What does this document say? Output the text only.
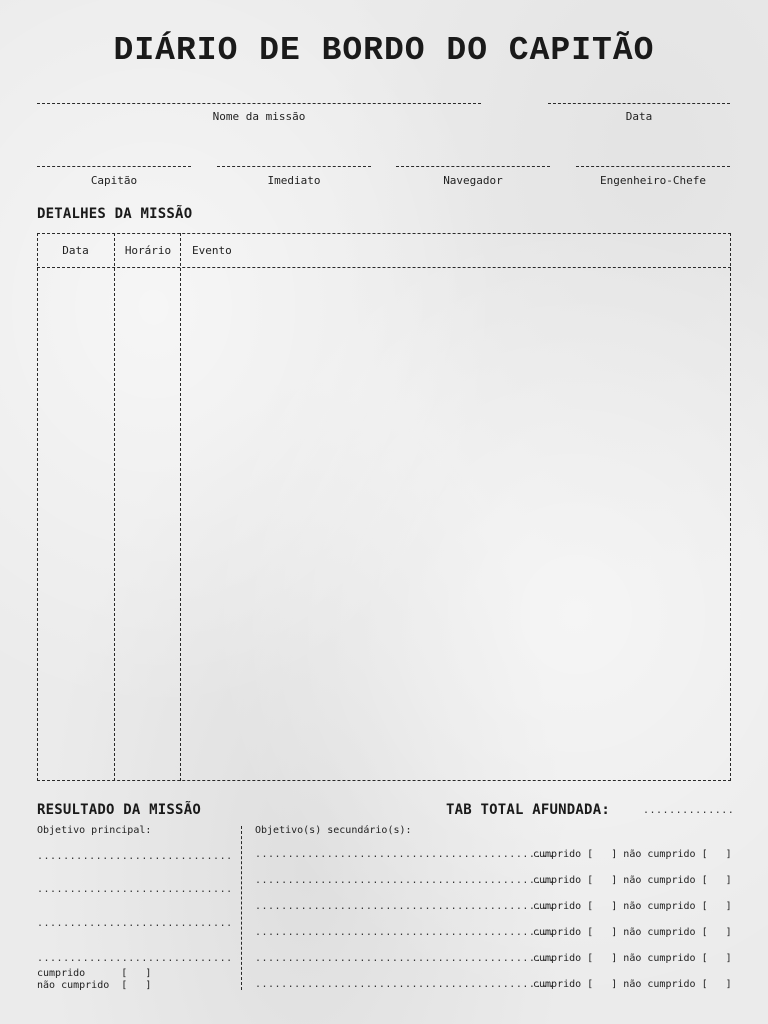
DIÁRIO DE BORDO DO CAPITÃO
Nome da missão	Data
Capitão	Imediato	Navegador	Engenheiro-Chefe
DETALHES DA MISSÃO
Data	Horário	Evento
RESULTADO DA MISSÃO	TAB TOTAL AFUNDADA:	..............
Objetivo principal:
..............................
..............................
..............................
..............................
cumprido      [   ]
não cumprido  [   ]
Objetivo(s) secundário(s):
..............................................
cumprido [   ] não cumprido [   ]
..............................................
cumprido [   ] não cumprido [   ]
..............................................
cumprido [   ] não cumprido [   ]
..............................................
cumprido [   ] não cumprido [   ]
..............................................
cumprido [   ] não cumprido [   ]
..............................................
cumprido [   ] não cumprido [   ]
